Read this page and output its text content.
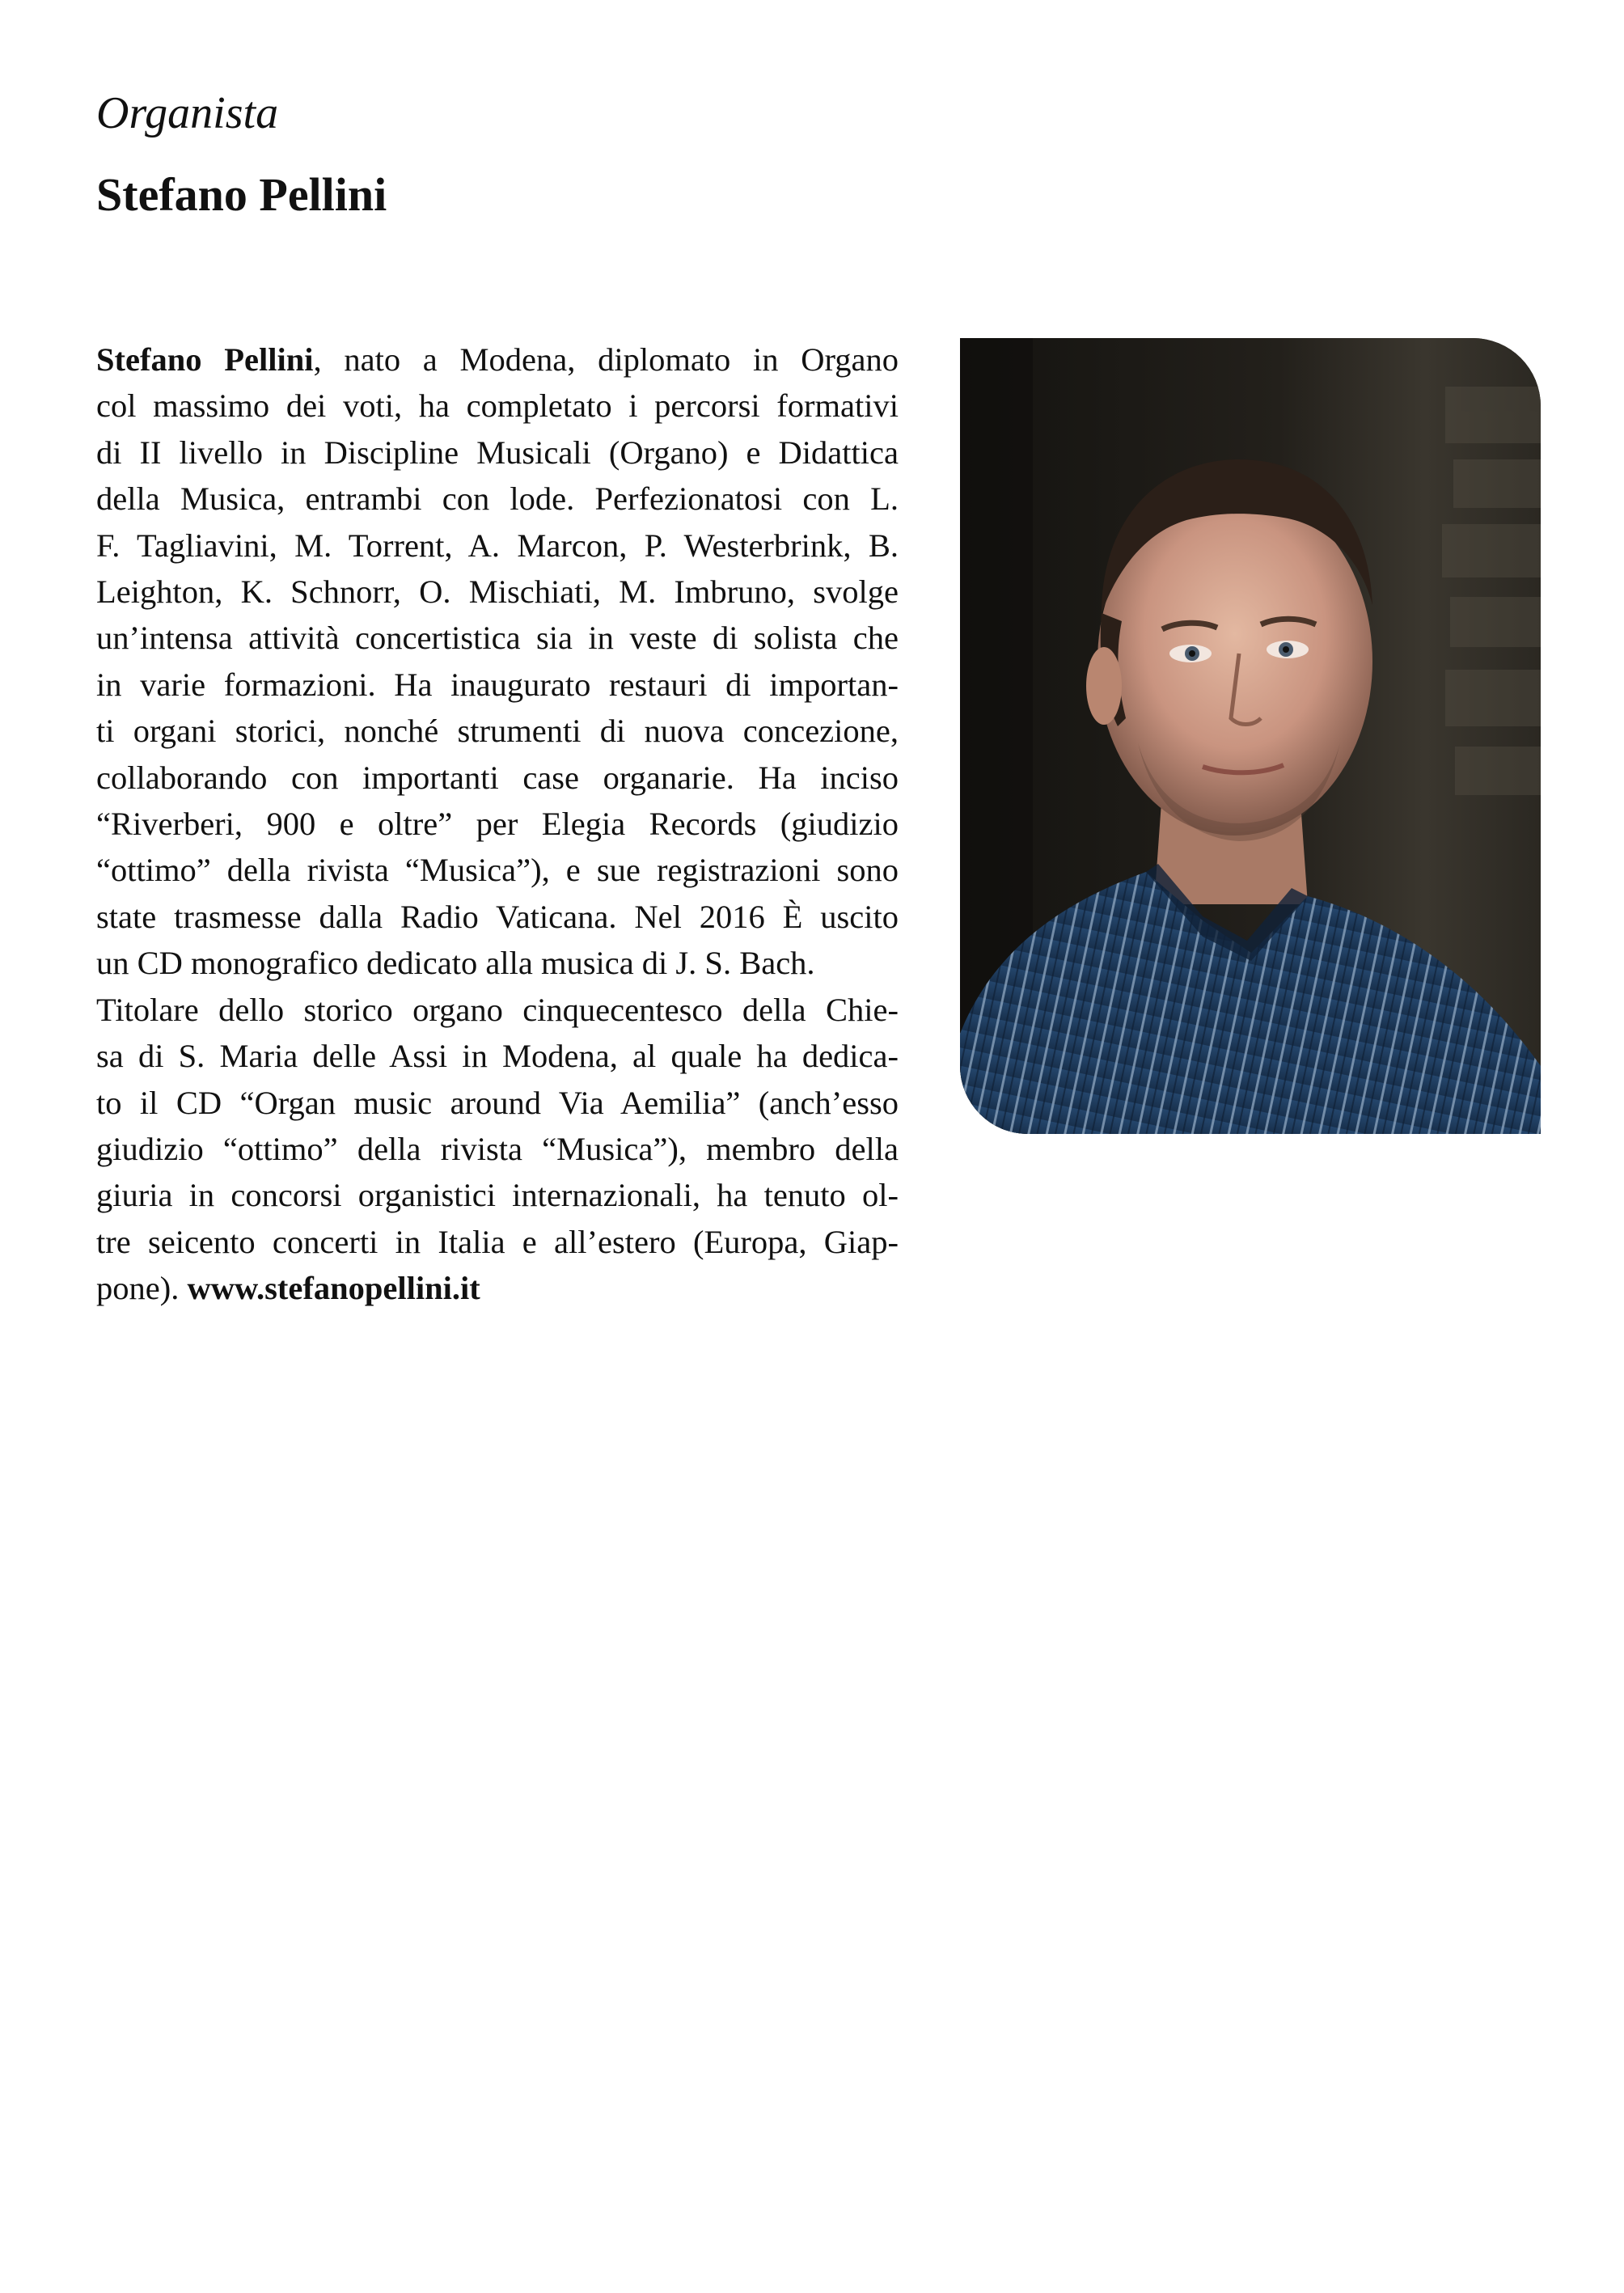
Organista
Stefano Pellini
Stefano Pellini, nato a Modena, diplomato in Organo
col massimo dei voti, ha completato i percorsi formativi
di II livello in Discipline Musicali (Organo) e Didattica
della Musica, entrambi con lode. Perfezionatosi con L.
F. Tagliavini, M. Torrent, A. Marcon, P. Westerbrink, B.
Leighton, K. Schnorr, O. Mischiati, M. Imbruno, svolge
un’intensa attività concertistica sia in veste di solista che
in varie formazioni. Ha inaugurato restauri di importan-
ti organi storici, nonché strumenti di nuova concezione,
collaborando con importanti case organarie. Ha inciso
“Riverberi, 900 e oltre” per Elegia Records (giudizio
“ottimo” della rivista “Musica”), e sue registrazioni sono
state trasmesse dalla Radio Vaticana. Nel 2016 È uscito
un CD monografico dedicato alla musica di J. S. Bach.
Titolare dello storico organo cinquecentesco della Chie-
sa di S. Maria delle Assi in Modena, al quale ha dedica-
to il CD “Organ music around Via Aemilia” (anch’esso
giudizio “ottimo” della rivista “Musica”), membro della
giuria in concorsi organistici internazionali, ha tenuto ol-
tre seicento concerti in Italia e all’estero (Europa, Giap-
pone). www.stefanopellini.it
